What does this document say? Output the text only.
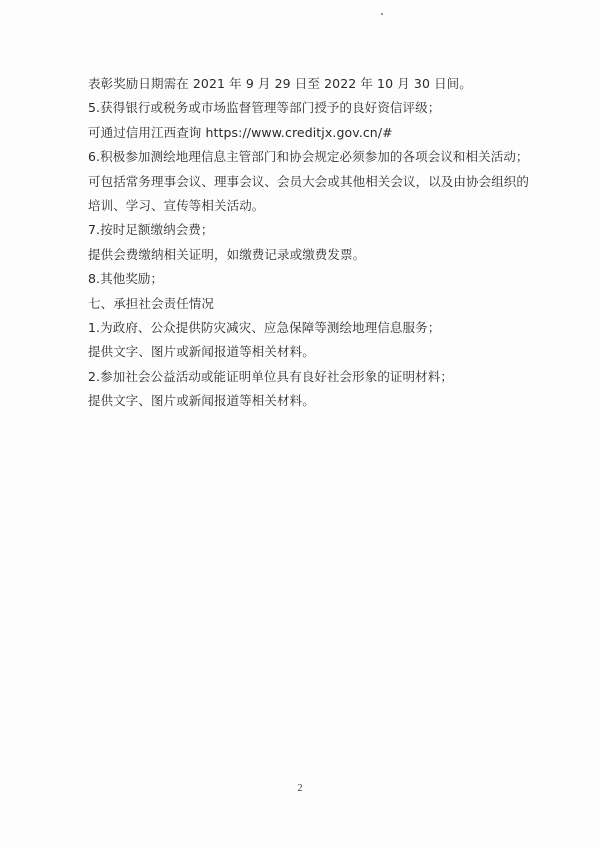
表彰奖励日期需在 2021 年 9 月 29 日至 2022 年 10 月 30 日间。
5.获得银行或税务或市场监督管理等部门授予的良好资信评级；
可通过信用江西查询 https://www.creditjx.gov.cn/#
6.积极参加测绘地理信息主管部门和协会规定必须参加的各项会议和相关活动；
可包括常务理事会议、理事会议、会员大会或其他相关会议，以及由协会组织的
培训、学习、宣传等相关活动。
7.按时足额缴纳会费；
提供会费缴纳相关证明，如缴费记录或缴费发票。
8.其他奖励；
七、承担社会责任情况
1.为政府、公众提供防灾减灾、应急保障等测绘地理信息服务；
提供文字、图片或新闻报道等相关材料。
2.参加社会公益活动或能证明单位具有良好社会形象的证明材料；
提供文字、图片或新闻报道等相关材料。
2
